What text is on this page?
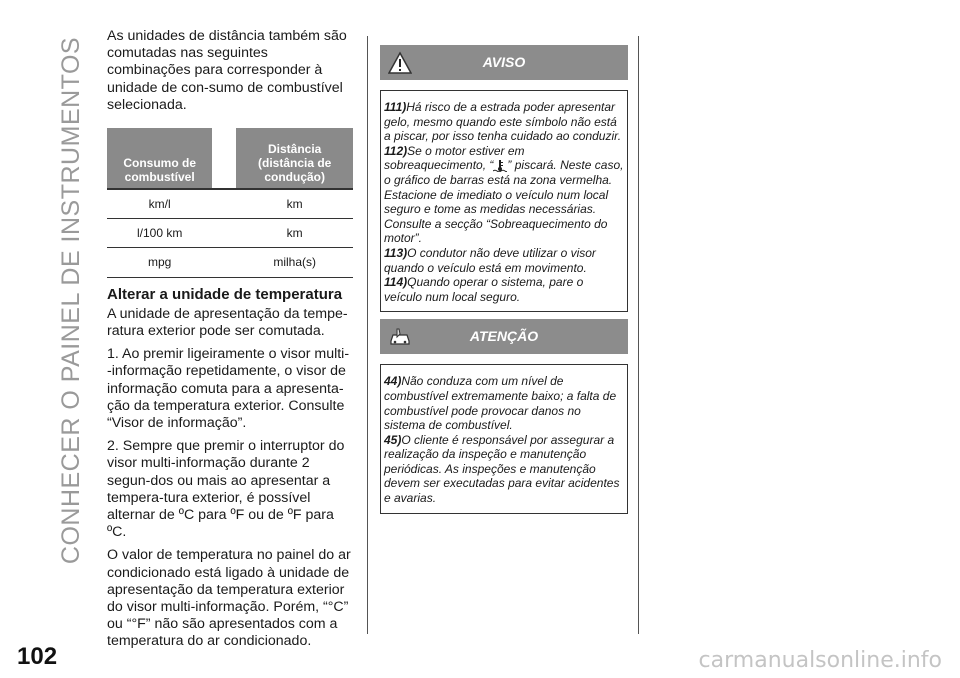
CONHECER O PAINEL DE INSTRUMENTOS

As unidades de distância também são comutadas nas seguintes combinações para corresponder à unidade de con-sumo de combustível selecionada.

Consumo de combustível		Distância (distância de condução)
km/l		km
l/100 km		km
mpg		milha(s)

Alterar a unidade de temperatura

A unidade de apresentação da tempe-ratura exterior pode ser comutada.

1. Ao premir ligeiramente o visor multi--informação repetidamente, o visor de informação comuta para a apresenta-ção da temperatura exterior. Consulte “Visor de informação”.

2. Sempre que premir o interruptor do visor multi-informação durante 2 segun-dos ou mais ao apresentar a tempera-tura exterior, é possível alternar de ºC para ºF ou de ºF para ºC.

O valor de temperatura no painel do ar condicionado está ligado à unidade de apresentação da temperatura exterior do visor multi-informação. Porém, “°C” ou “°F” não são apresentados com a temperatura do ar condicionado.

AVISO

111)Há risco de a estrada poder apresentar gelo, mesmo quando este símbolo não está a piscar, por isso tenha cuidado ao conduzir.

112)Se o motor estiver em sobreaquecimento, “ ” piscará. Neste caso, o gráfico de barras está na zona vermelha. Estacione de imediato o veículo num local seguro e tome as medidas necessárias. Consulte a secção “Sobreaquecimento do motor”.

113)O condutor não deve utilizar o visor quando o veículo está em movimento.

114)Quando operar o sistema, pare o veículo num local seguro.

ATENÇÃO

44)Não conduza com um nível de combustível extremamente baixo; a falta de combustível pode provocar danos no sistema de combustível.

45)O cliente é responsável por assegurar a realização da inspeção e manutenção periódicas. As inspeções e manutenção devem ser executadas para evitar acidentes e avarias.

102	carmanualsonline.info
